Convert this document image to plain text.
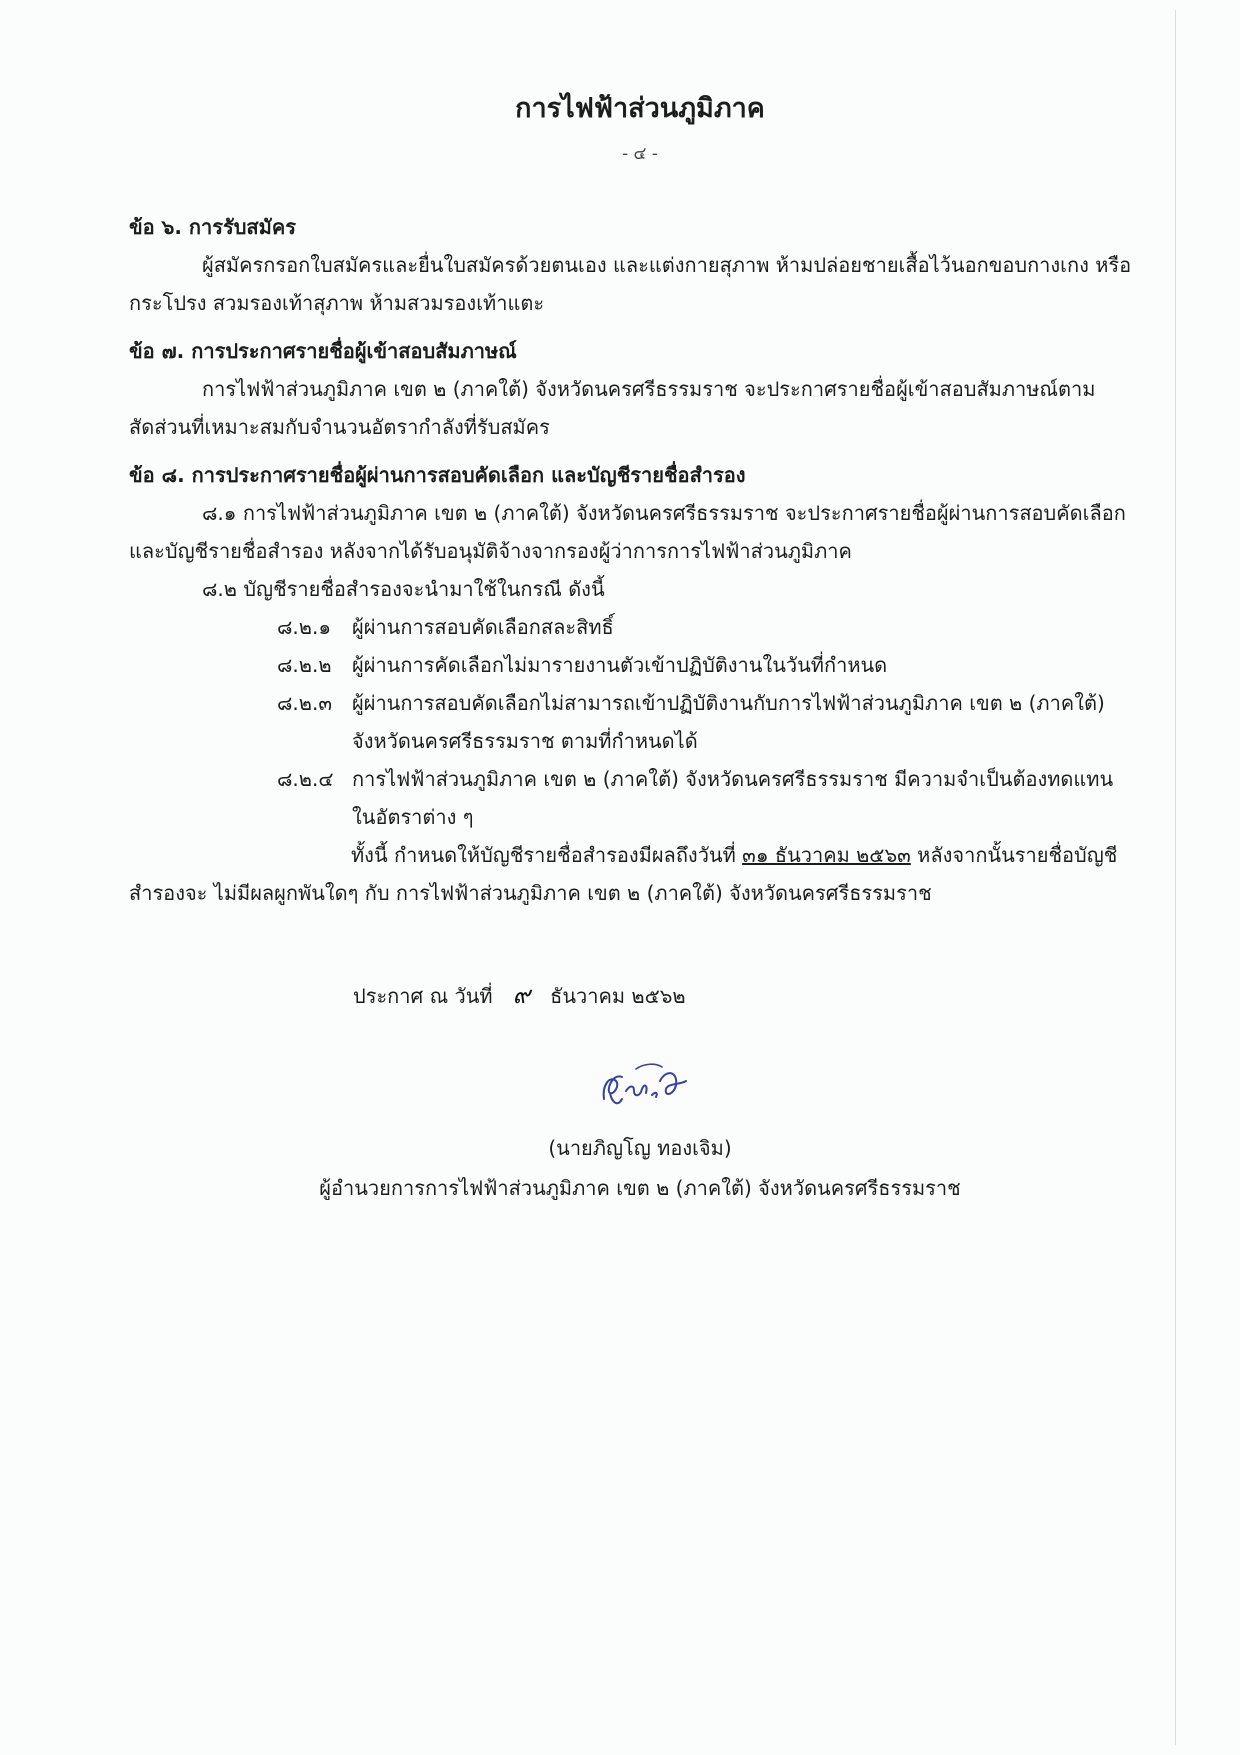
การไฟฟ้าส่วนภูมิภาค
- ๔ -
ข้อ ๖. การรับสมัคร
ผู้สมัครกรอกใบสมัครและยื่นใบสมัครด้วยตนเอง และแต่งกายสุภาพ ห้ามปล่อยชายเสื้อไว้นอกขอบกางเกง หรือกระโปรง สวมรองเท้าสุภาพ ห้ามสวมรองเท้าแตะ
ข้อ ๗. การประกาศรายชื่อผู้เข้าสอบสัมภาษณ์
การไฟฟ้าส่วนภูมิภาค เขต ๒ (ภาคใต้) จังหวัดนครศรีธรรมราช จะประกาศรายชื่อผู้เข้าสอบสัมภาษณ์ตาม สัดส่วนที่เหมาะสมกับจำนวนอัตรากำลังที่รับสมัคร
ข้อ ๘. การประกาศรายชื่อผู้ผ่านการสอบคัดเลือก และบัญชีรายชื่อสำรอง
๘.๑ การไฟฟ้าส่วนภูมิภาค เขต ๒ (ภาคใต้) จังหวัดนครศรีธรรมราช จะประกาศรายชื่อผู้ผ่านการสอบคัดเลือก และบัญชีรายชื่อสำรอง หลังจากได้รับอนุมัติจ้างจากรองผู้ว่าการการไฟฟ้าส่วนภูมิภาค
๘.๒ บัญชีรายชื่อสำรองจะนำมาใช้ในกรณี ดังนี้
๘.๒.๑	ผู้ผ่านการสอบคัดเลือกสละสิทธิ์
๘.๒.๒	ผู้ผ่านการคัดเลือกไม่มารายงานตัวเข้าปฏิบัติงานในวันที่กำหนด
๘.๒.๓	ผู้ผ่านการสอบคัดเลือกไม่สามารถเข้าปฏิบัติงานกับการไฟฟ้าส่วนภูมิภาค เขต ๒ (ภาคใต้) จังหวัดนครศรีธรรมราช ตามที่กำหนดได้
๘.๒.๔ การไฟฟ้าส่วนภูมิภาค เขต ๒ (ภาคใต้) จังหวัดนครศรีธรรมราช มีความจำเป็นต้องทดแทน ในอัตราต่าง ๆ
ทั้งนี้ กำหนดให้บัญชีรายชื่อสำรองมีผลถึงวันที่ ๓๑ ธันวาคม ๒๕๖๓ หลังจากนั้นรายชื่อบัญชีสำรองจะ ไม่มีผลผูกพันใดๆ กับ การไฟฟ้าส่วนภูมิภาค เขต ๒ (ภาคใต้) จังหวัดนครศรีธรรมราช
ประกาศ ณ วันที่ ๙ ธันวาคม ๒๕๖๒
(นายภิญโญ ทองเจิม)
ผู้อำนวยการการไฟฟ้าส่วนภูมิภาค เขต ๒ (ภาคใต้) จังหวัดนครศรีธรรมราช
